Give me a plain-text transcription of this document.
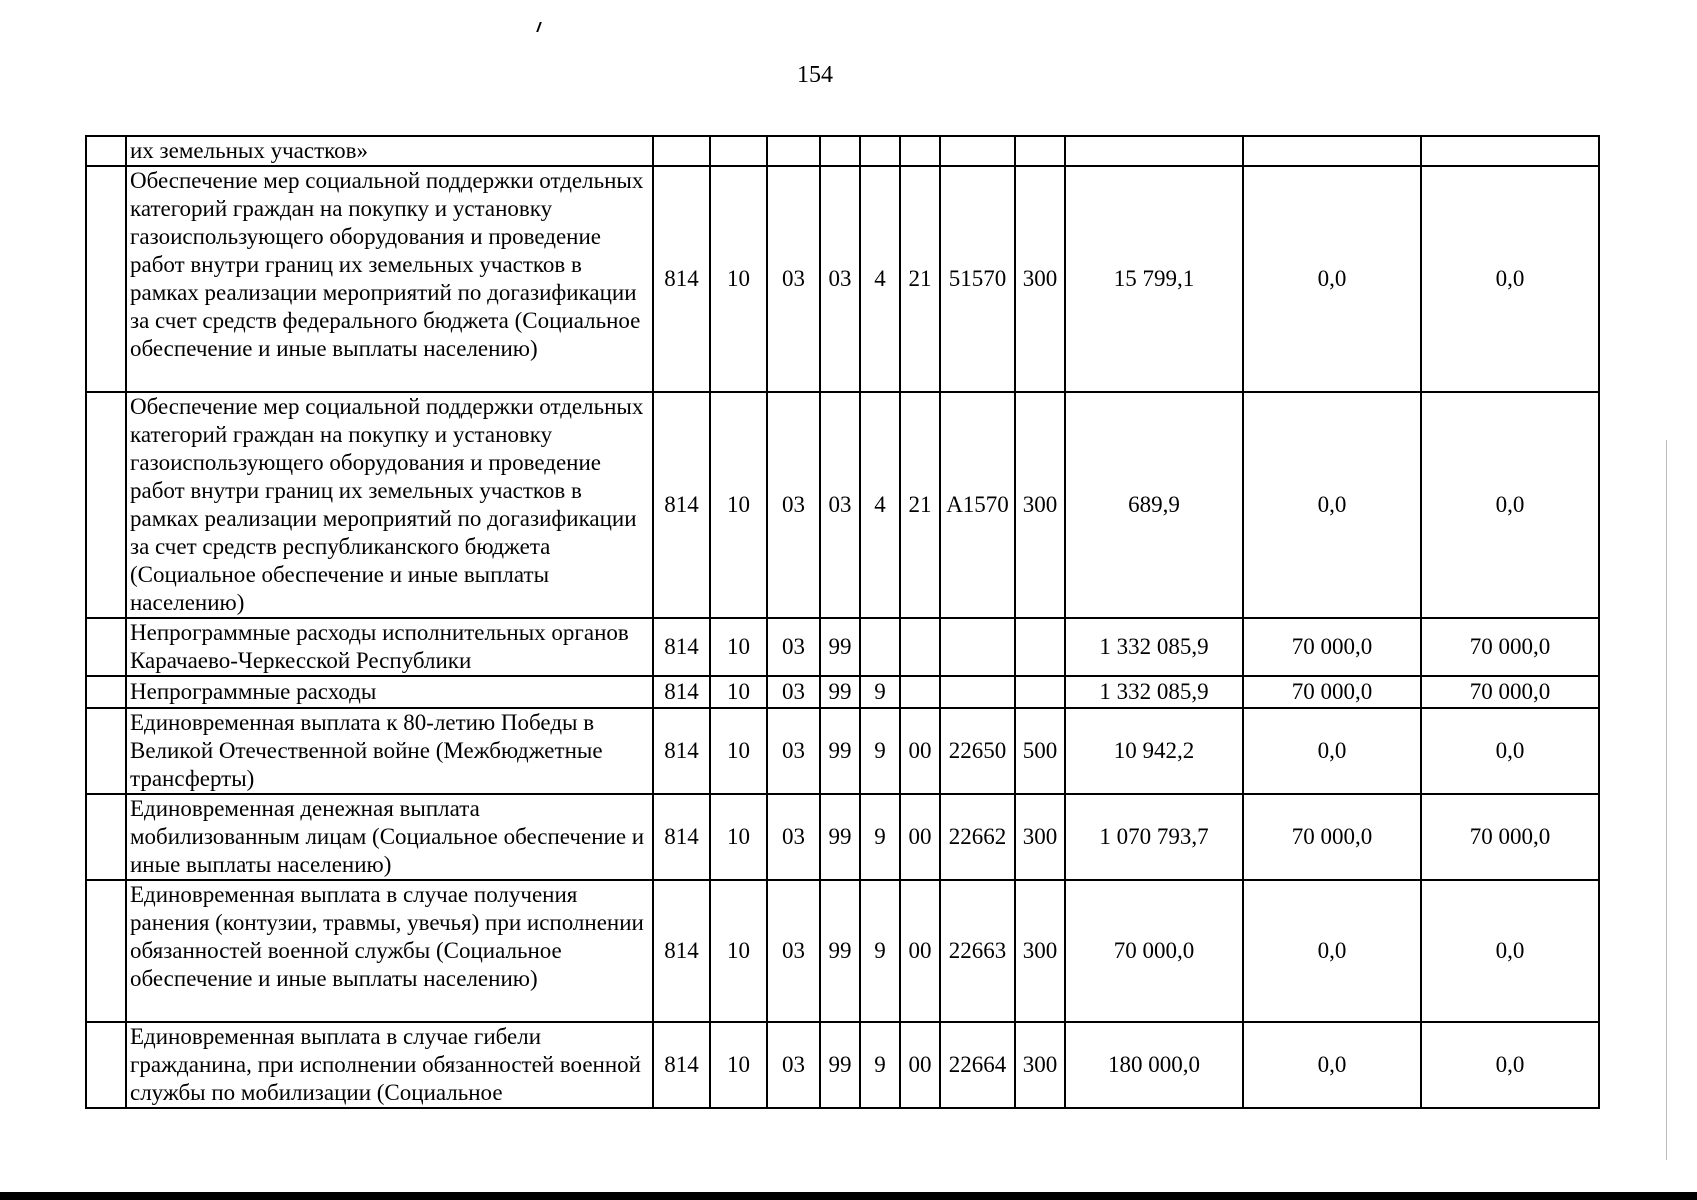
154
	их земельных участков»											
	Обеспечение мер социальной поддержки отдельных категорий граждан на покупку и установку газоиспользующего оборудования и проведение работ внутри границ их земельных участков в рамках реализации мероприятий по догазификации за счет средств федерального бюджета (Социальное обеспечение и иные выплаты населению)	814	10	03	03	4	21	51570	300	15 799,1	0,0	0,0
	Обеспечение мер социальной поддержки отдельных категорий граждан на покупку и установку газоиспользующего оборудования и проведение работ внутри границ их земельных участков в рамках реализации мероприятий по догазификации за счет средств республиканского бюджета (Социальное обеспечение и иные выплаты населению)	814	10	03	03	4	21	А1570	300	689,9	0,0	0,0
	Непрограммные расходы исполнительных органов Карачаево-Черкесской Республики	814	10	03	99					1 332 085,9	70 000,0	70 000,0
	Непрограммные расходы	814	10	03	99	9				1 332 085,9	70 000,0	70 000,0
	Единовременная выплата к 80-летию Победы в Великой Отечественной войне (Межбюджетные трансферты)	814	10	03	99	9	00	22650	500	10 942,2	0,0	0,0
	Единовременная денежная выплата мобилизованным лицам (Социальное обеспечение и иные выплаты населению)	814	10	03	99	9	00	22662	300	1 070 793,7	70 000,0	70 000,0
	Единовременная выплата в случае получения ранения (контузии, травмы, увечья) при исполнении обязанностей военной службы (Социальное обеспечение и иные выплаты населению)	814	10	03	99	9	00	22663	300	70 000,0	0,0	0,0
	Единовременная выплата в случае гибели гражданина, при исполнении обязанностей военной службы по мобилизации (Социальное	814	10	03	99	9	00	22664	300	180 000,0	0,0	0,0
